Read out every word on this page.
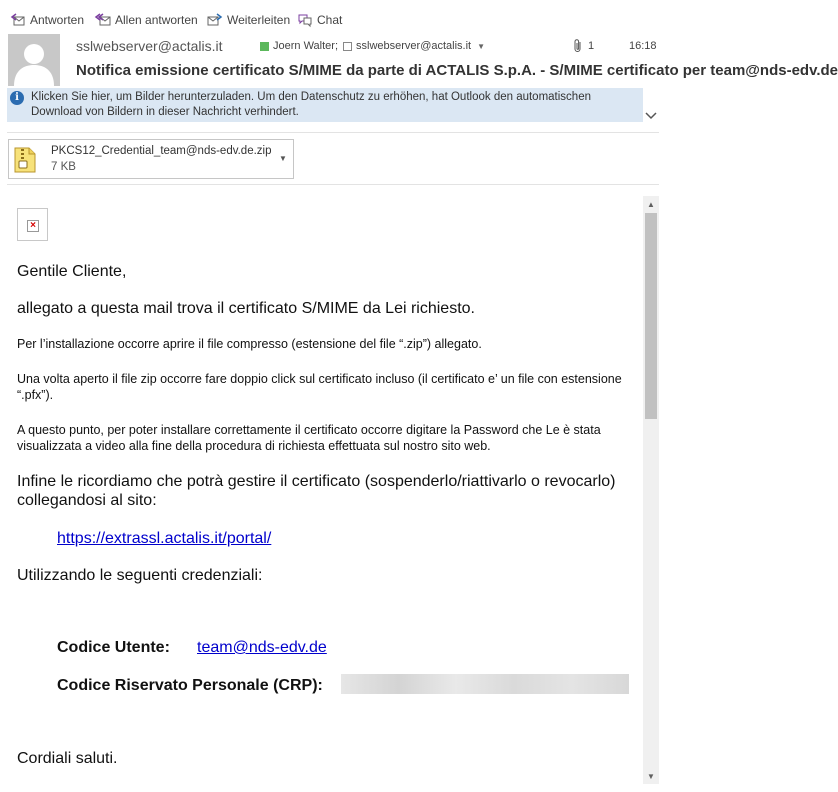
Antworten	Allen antworten Weiterleiten Chat
sslwebserver@actalis.it	Joern Walter; sslwebserver@actalis.it ▼	1	16:18
Notifica emissione certificato S/MIME da parte di ACTALIS S.p.A. - S/MIME certificato per team@nds-edv.de
i	Klicken Sie hier, um Bilder herunterzuladen. Um den Datenschutz zu erhöhen, hat Outlook den automatischen Download von Bildern in dieser Nachricht verhindert.
PKCS12_Credential_team@nds-edv.de.zip
7 KB
▼
×

Gentile Cliente,

allegato a questa mail trova il certificato S/MIME da Lei richiesto.

Per l’installazione occorre aprire il file compresso (estensione del file “.zip”) allegato.

Una volta aperto il file zip occorre fare doppio click sul certificato incluso (il certificato e’ un file con estensione “.pfx”).

A questo punto, per poter installare correttamente il certificato occorre digitare la Password che Le è stata visualizzata a video alla fine della procedura di richiesta effettuata sul nostro sito web.

Infine le ricordiamo che potrà gestire il certificato (sospenderlo/riattivarlo o revocarlo) collegandosi al sito:

https://extrassl.actalis.it/portal/

Utilizzando le seguenti credenziali:

Codice Utente: team@nds-edv.de
Codice Riservato Personale (CRP):

Cordiali saluti.

▲
▼
